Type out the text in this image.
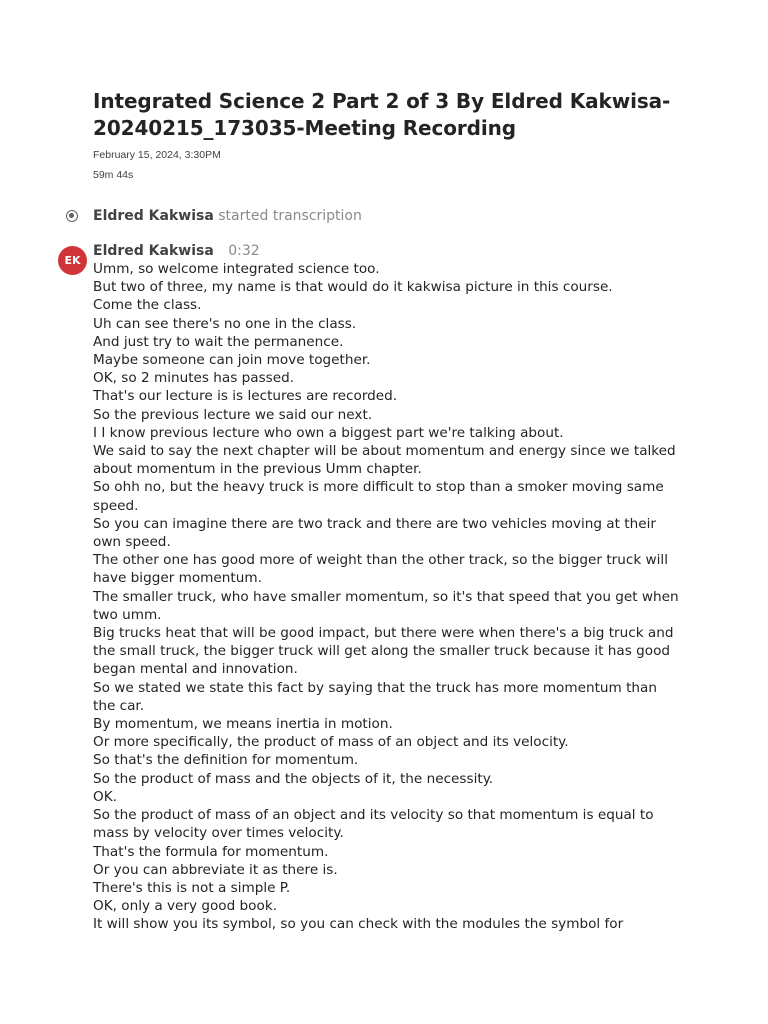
Integrated Science 2 Part 2 of 3 By Eldred Kakwisa-20240215_173035-Meeting Recording
February 15, 2024, 3:30PM
59m 44s
Eldred Kakwisa started transcription
EK
Eldred Kakwisa 0:32
Umm, so welcome integrated science too.
But two of three, my name is that would do it kakwisa picture in this course.
Come the class.
Uh can see there's no one in the class.
And just try to wait the permanence.
Maybe someone can join move together.
OK, so 2 minutes has passed.
That's our lecture is is lectures are recorded.
So the previous lecture we said our next.
I I know previous lecture who own a biggest part we're talking about.
We said to say the next chapter will be about momentum and energy since we talked about momentum in the previous Umm chapter.
So ohh no, but the heavy truck is more difficult to stop than a smoker moving same speed.
So you can imagine there are two track and there are two vehicles moving at their own speed.
The other one has good more of weight than the other track, so the bigger truck will have bigger momentum.
The smaller truck, who have smaller momentum, so it's that speed that you get when two umm.
Big trucks heat that will be good impact, but there were when there's a big truck and the small truck, the bigger truck will get along the smaller truck because it has good began mental and innovation.
So we stated we state this fact by saying that the truck has more momentum than the car.
By momentum, we means inertia in motion.
Or more specifically, the product of mass of an object and its velocity.
So that's the definition for momentum.
So the product of mass and the objects of it, the necessity.
OK.
So the product of mass of an object and its velocity so that momentum is equal to mass by velocity over times velocity.
That's the formula for momentum.
Or you can abbreviate it as there is.
There's this is not a simple P.
OK, only a very good book.
It will show you its symbol, so you can check with the modules the symbol for
